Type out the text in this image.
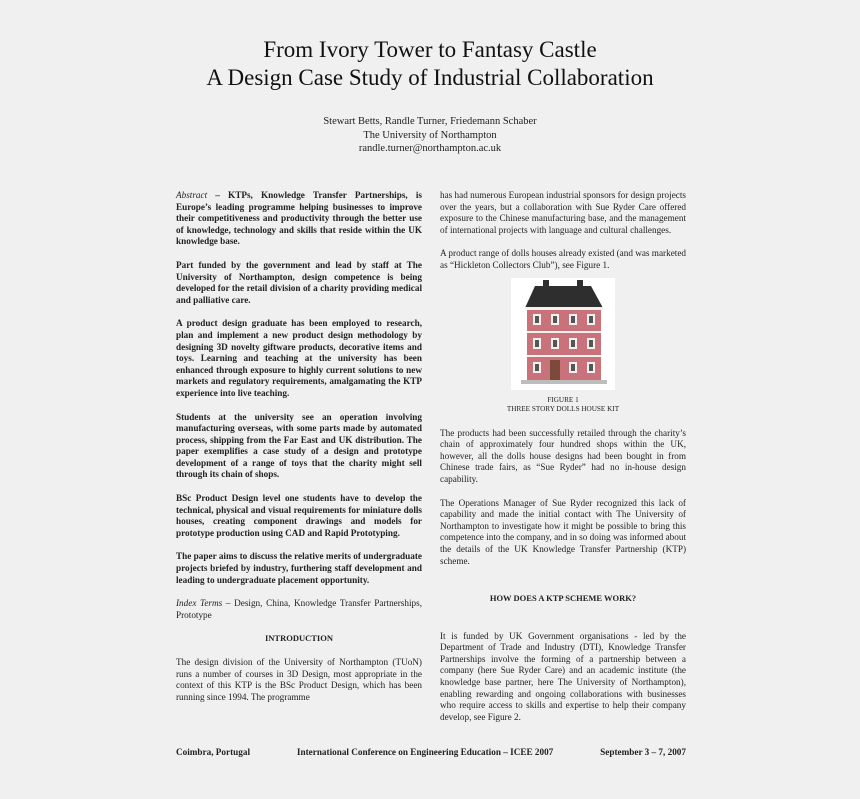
From Ivory Tower to Fantasy Castle
A Design Case Study of Industrial Collaboration
Stewart Betts, Randle Turner, Friedemann Schaber
The University of Northampton
randle.turner@northampton.ac.uk

Abstract – KTPs, Knowledge Transfer Partnerships, is Europe’s leading programme helping businesses to improve their competitiveness and productivity through the better use of knowledge, technology and skills that reside within the UK knowledge base.

Part funded by the government and lead by staff at The University of Northampton, design competence is being developed for the retail division of a charity providing medical and palliative care.

A product design graduate has been employed to research, plan and implement a new product design methodology by designing 3D novelty giftware products, decorative items and toys. Learning and teaching at the university has been enhanced through exposure to highly current solutions to new markets and regulatory requirements, amalgamating the KTP experience into live teaching.

Students at the university see an operation involving manufacturing overseas, with some parts made by automated process, shipping from the Far East and UK distribution. The paper exemplifies a case study of a design and prototype development of a range of toys that the charity might sell through its chain of shops.

BSc Product Design level one students have to develop the technical, physical and visual requirements for miniature dolls houses, creating component drawings and models for prototype production using CAD and Rapid Prototyping.

The paper aims to discuss the relative merits of undergraduate projects briefed by industry, furthering staff development and leading to undergraduate placement opportunity.

Index Terms – Design, China, Knowledge Transfer Partnerships, Prototype

INTRODUCTION

The design division of the University of Northampton (TUoN) runs a number of courses in 3D Design, most appropriate in the context of this KTP is the BSc Product Design, which has been running since 1994. The programme

has had numerous European industrial sponsors for design projects over the years, but a collaboration with Sue Ryder Care offered exposure to the Chinese manufacturing base, and the management of international projects with language and cultural challenges.

A product range of dolls houses already existed (and was marketed as “Hickleton Collectors Club”), see Figure 1.

FIGURE 1
THREE STORY DOLLS HOUSE KIT

The products had been successfully retailed through the charity’s chain of approximately four hundred shops within the UK, however, all the dolls house designs had been bought in from Chinese trade fairs, as “Sue Ryder” had no in-house design capability.

The Operations Manager of Sue Ryder recognized this lack of capability and made the initial contact with The University of Northampton to investigate how it might be possible to bring this competence into the company, and in so doing was informed about the details of the UK Knowledge Transfer Partnership (KTP) scheme.

HOW DOES A KTP SCHEME WORK?

It is funded by UK Government organisations - led by the Department of Trade and Industry (DTI), Knowledge Transfer Partnerships involve the forming of a partnership between a company (here Sue Ryder Care) and an academic institute (the knowledge base partner, here The University of Northampton), enabling rewarding and ongoing collaborations with businesses who require access to skills and expertise to help their company develop, see Figure 2.

Coimbra, Portugal	International Conference on Engineering Education – ICEE 2007	September 3 – 7, 2007
